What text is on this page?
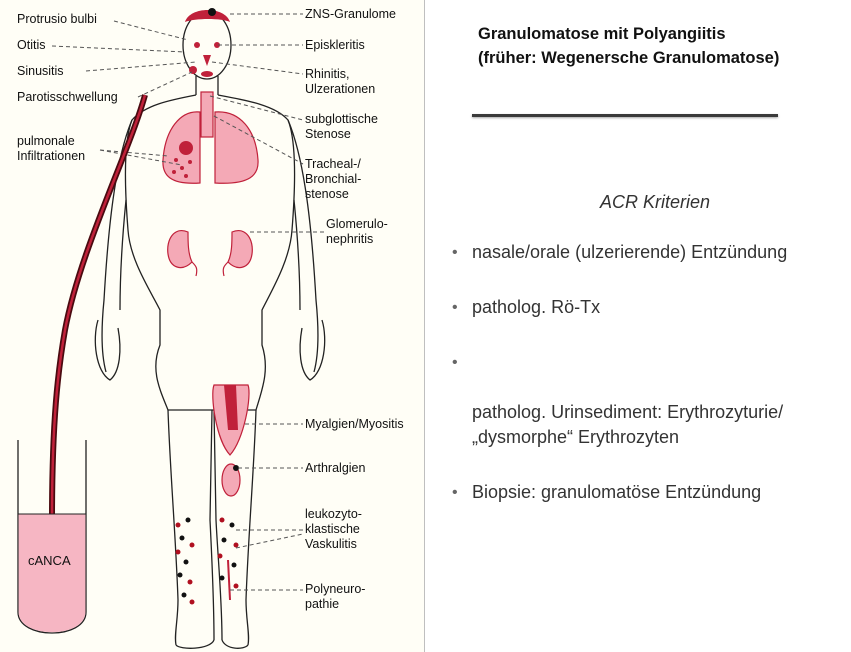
Protrusio bulbi
Otitis
Sinusitis
Parotisschwellung
pulmonale
Infiltrationen
ZNS-Granulome
Episkleritis
Rhinitis,
Ulzerationen
subglottische
Stenose
Tracheal-/
Bronchial-
stenose
Glomerulo-
nephritis
Myalgien/Myositis
Arthralgien
leukozyto-
klastische
Vaskulitis
Polyneuro-
pathie
cANCA
Granulomatose mit Polyangiitis
(früher: Wegenersche Granulomatose)
ACR Kriterien
• nasale/orale (ulzerierende) Entzündung
• patholog. Rö-Tx

•

patholog. Urinsediment: Erythrozyturie/
„dysmorphe“ Erythrozyten

• Biopsie: granulomatöse Entzündung
